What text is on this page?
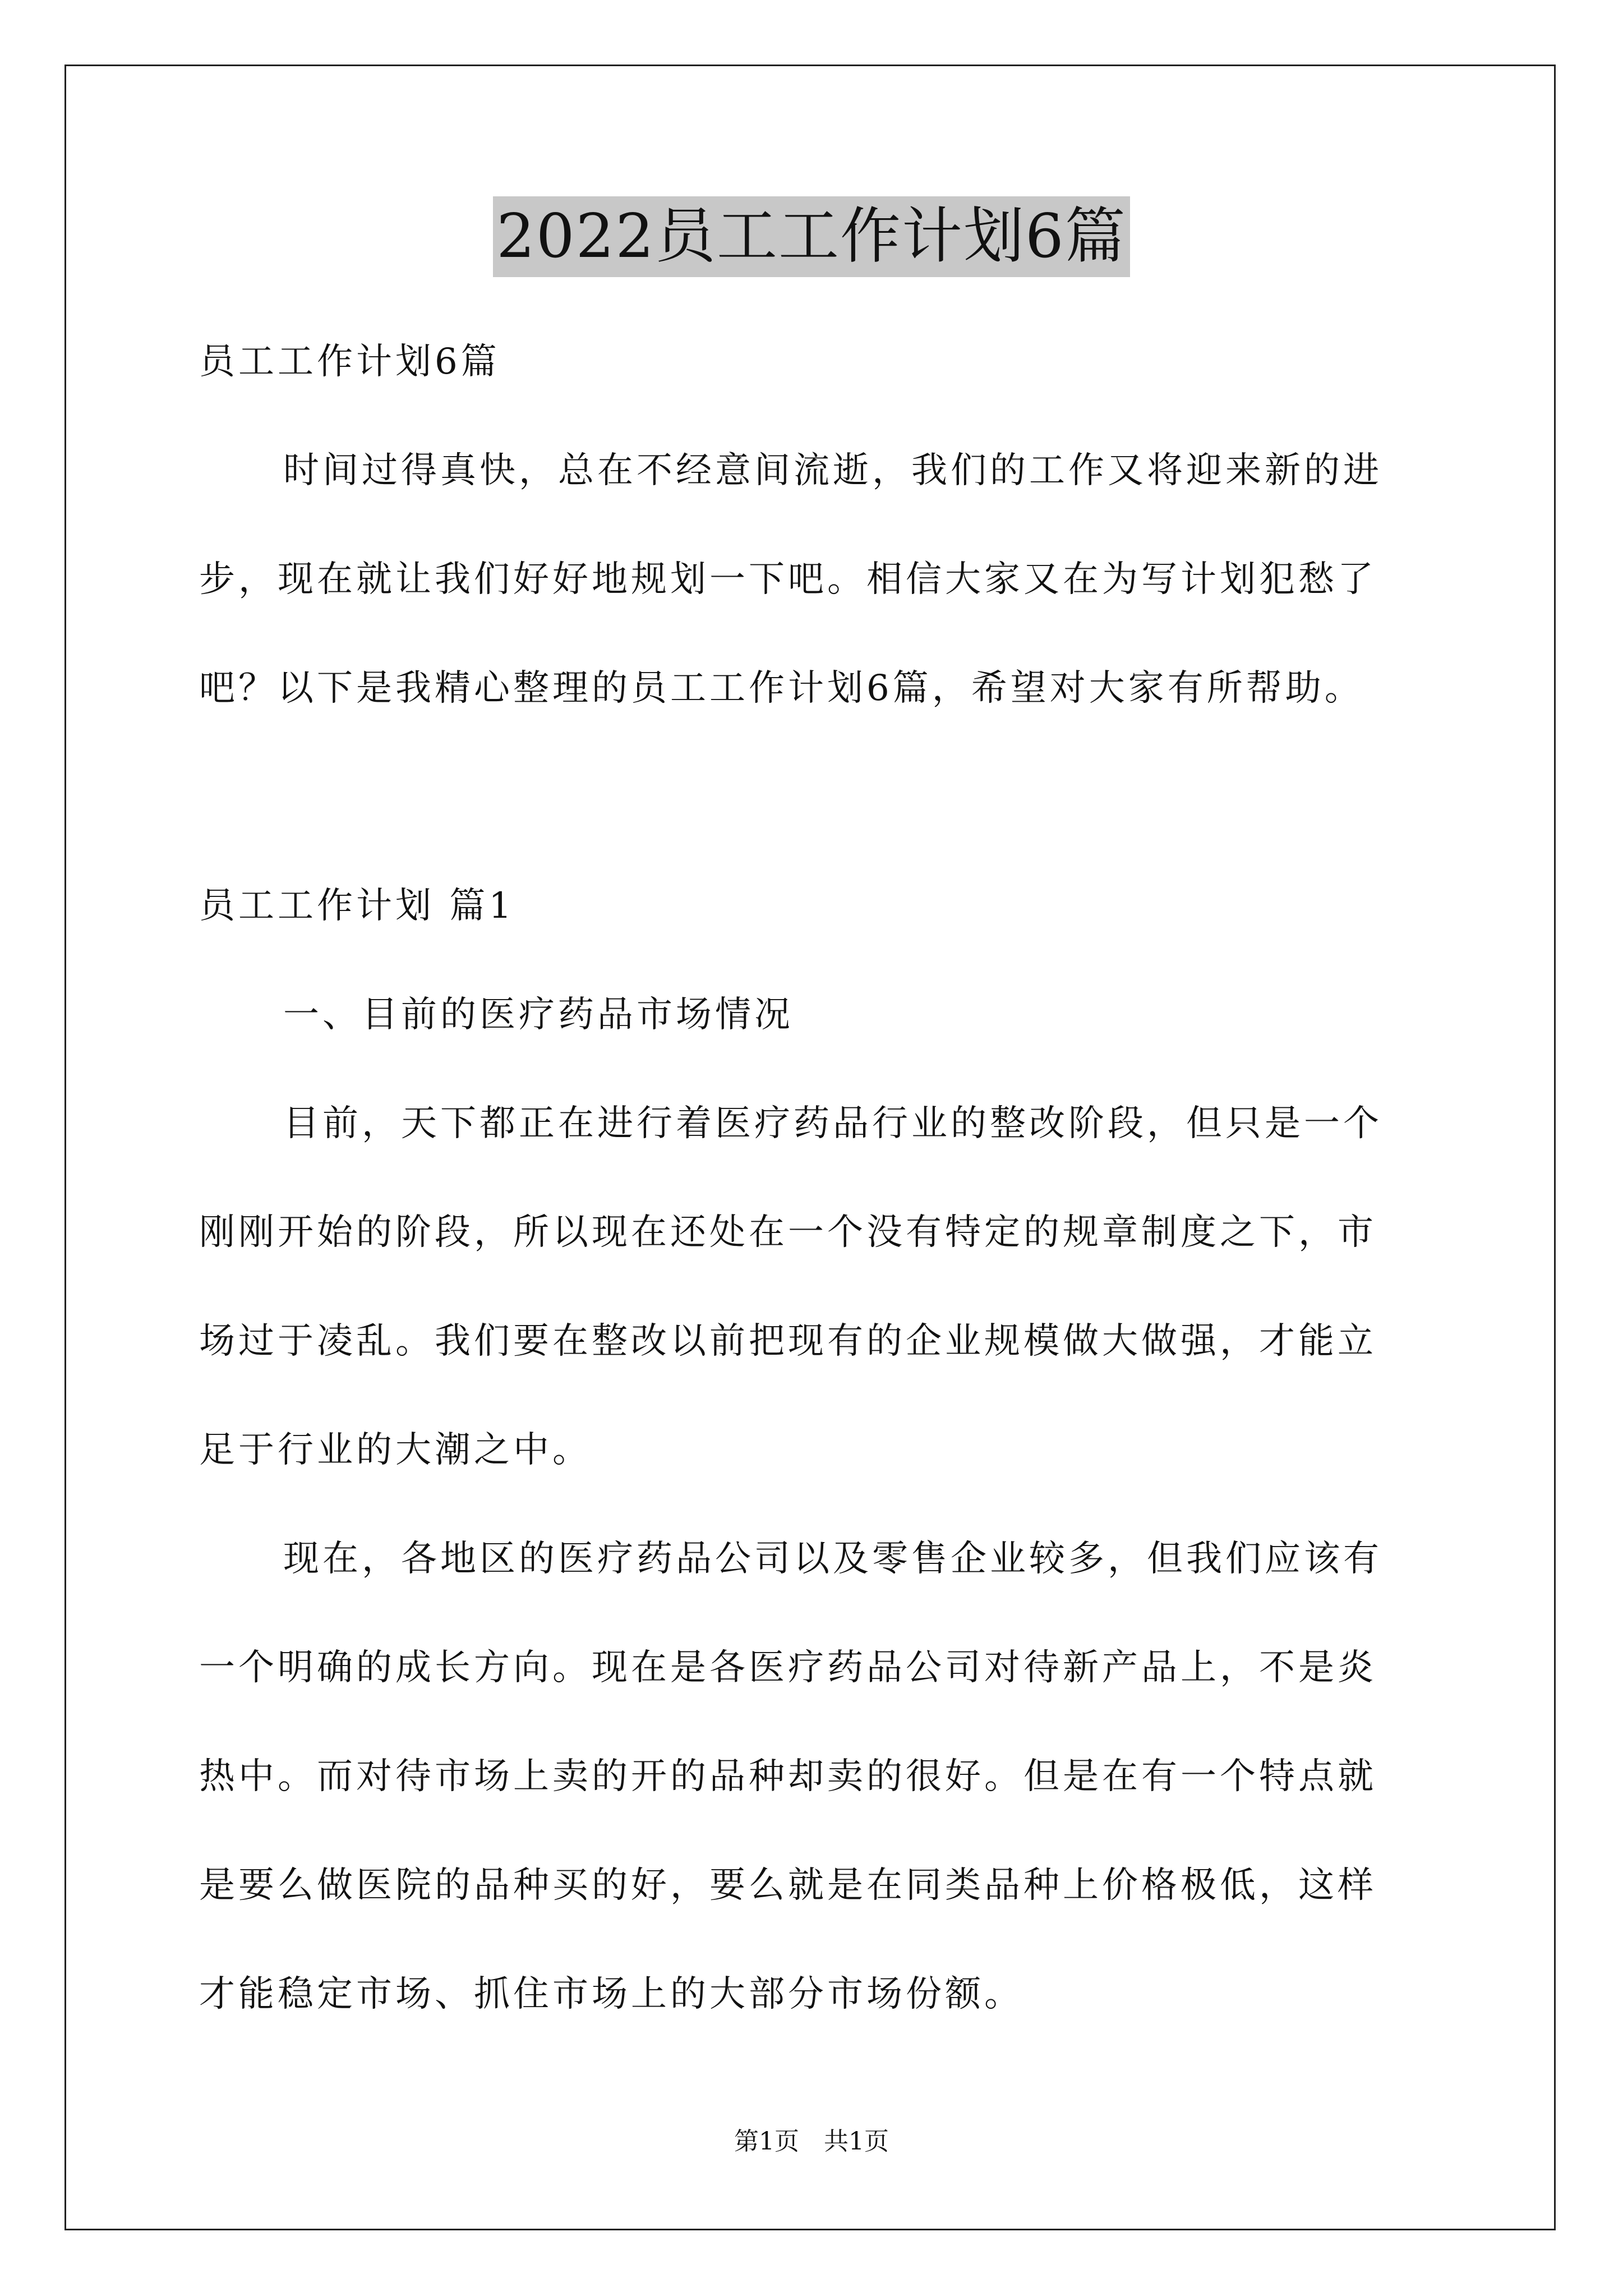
2022员工工作计划6篇
员工工作计划6篇
时间过得真快，总在不经意间流逝，我们的工作又将迎来新的进
步，现在就让我们好好地规划一下吧。相信大家又在为写计划犯愁了
吧？以下是我精心整理的员工工作计划6篇，希望对大家有所帮助。
员工工作计划 篇1
一、目前的医疗药品市场情况
目前，天下都正在进行着医疗药品行业的整改阶段，但只是一个
刚刚开始的阶段，所以现在还处在一个没有特定的规章制度之下，市
场过于凌乱。我们要在整改以前把现有的企业规模做大做强，才能立
足于行业的大潮之中。
现在，各地区的医疗药品公司以及零售企业较多，但我们应该有
一个明确的成长方向。现在是各医疗药品公司对待新产品上，不是炎
热中。而对待市场上卖的开的品种却卖的很好。但是在有一个特点就
是要么做医院的品种买的好，要么就是在同类品种上价格极低，这样
才能稳定市场、抓住市场上的大部分市场份额。
第1页　共1页
